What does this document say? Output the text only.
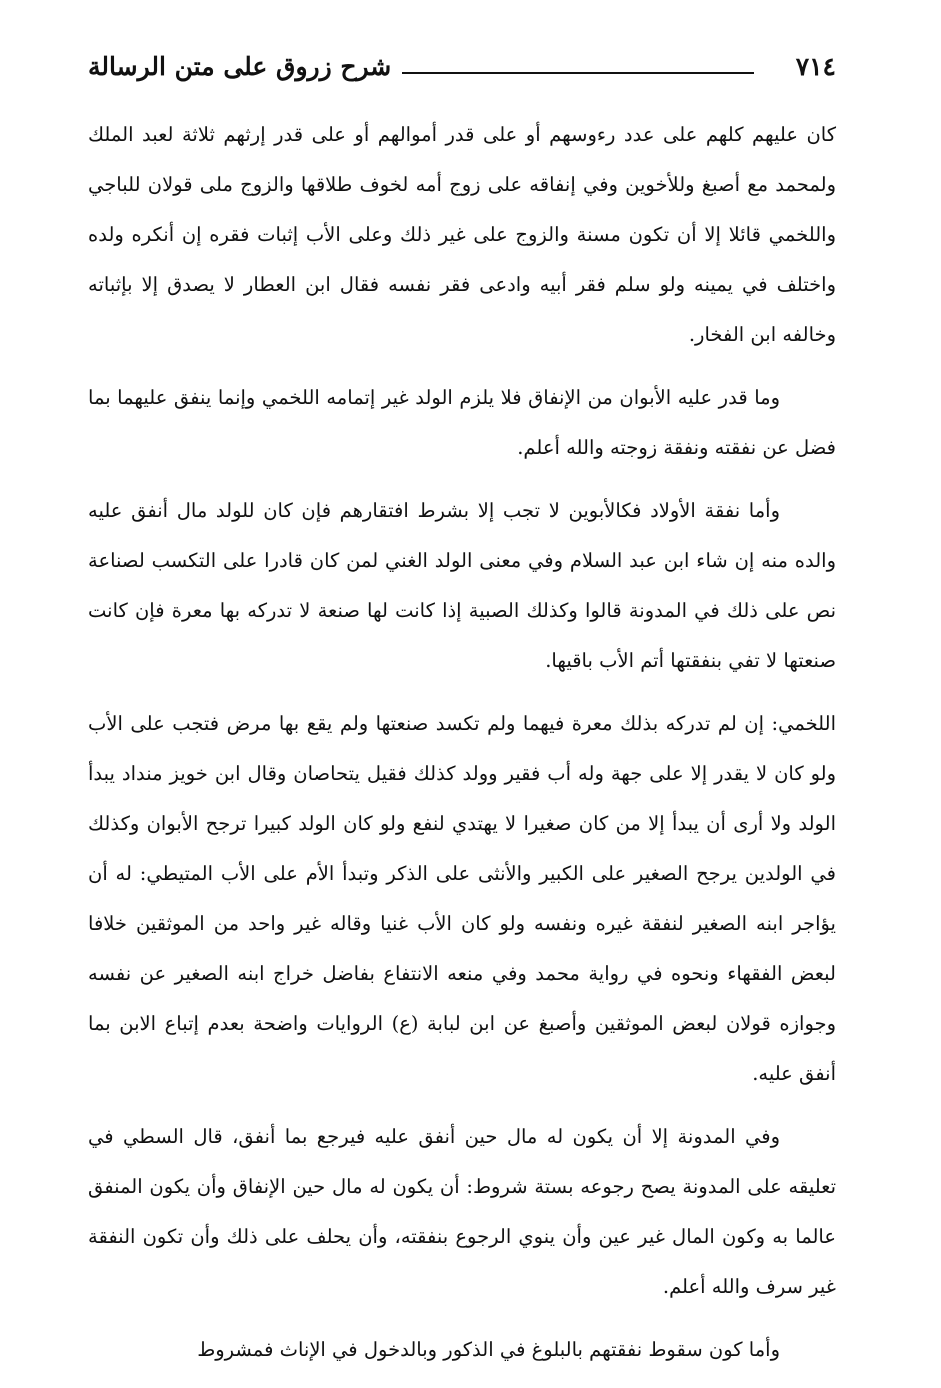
شرح زروق على متن الرسالة	٧١٤

كان عليهم كلهم على عدد رءوسهم أو على قدر أموالهم أو على قدر إرثهم ثلاثة لعبد الملك ولمحمد مع أصبغ وللأخوين وفي إنفاقه على زوج أمه لخوف طلاقها والزوج ملى قولان للباجي واللخمي قائلا إلا أن تكون مسنة والزوج على غير ذلك وعلى الأب إثبات فقره إن أنكره ولده واختلف في يمينه ولو سلم فقر أبيه وادعى فقر نفسه فقال ابن العطار لا يصدق إلا بإثباته وخالفه ابن الفخار.

وما قدر عليه الأبوان من الإنفاق فلا يلزم الولد غير إتمامه اللخمي وإنما ينفق عليهما بما فضل عن نفقته ونفقة زوجته والله أعلم.

وأما نفقة الأولاد فكالأبوين لا تجب إلا بشرط افتقارهم فإن كان للولد مال أنفق عليه والده منه إن شاء ابن عبد السلام وفي معنى الولد الغني لمن كان قادرا على التكسب لصناعة نص على ذلك في المدونة قالوا وكذلك الصبية إذا كانت لها صنعة لا تدركه بها معرة فإن كانت صنعتها لا تفي بنفقتها أتم الأب باقيها.

اللخمي: إن لم تدركه بذلك معرة فيهما ولم تكسد صنعتها ولم يقع بها مرض فتجب على الأب ولو كان لا يقدر إلا على جهة وله أب فقير وولد كذلك فقيل يتحاصان وقال ابن خويز منداد يبدأ الولد ولا أرى أن يبدأ إلا من كان صغيرا لا يهتدي لنفع ولو كان الولد كبيرا ترجح الأبوان وكذلك في الولدين يرجح الصغير على الكبير والأنثى على الذكر وتبدأ الأم على الأب المتيطي: له أن يؤاجر ابنه الصغير لنفقة غيره ونفسه ولو كان الأب غنيا وقاله غير واحد من الموثقين خلافا لبعض الفقهاء ونحوه في رواية محمد وفي منعه الانتفاع بفاضل خراج ابنه الصغير عن نفسه وجوازه قولان لبعض الموثقين وأصبغ عن ابن لبابة (ع) الروايات واضحة بعدم إتباع الابن بما أنفق عليه.

وفي المدونة إلا أن يكون له مال حين أنفق عليه فيرجع بما أنفق، قال السطي في تعليقه على المدونة يصح رجوعه بستة شروط: أن يكون له مال حين الإنفاق وأن يكون المنفق عالما به وكون المال غير عين وأن ينوي الرجوع بنفقته، وأن يحلف على ذلك وأن تكون النفقة غير سرف والله أعلم.

وأما كون سقوط نفقتهم بالبلوغ في الذكور وبالدخول في الإناث فمشروط
